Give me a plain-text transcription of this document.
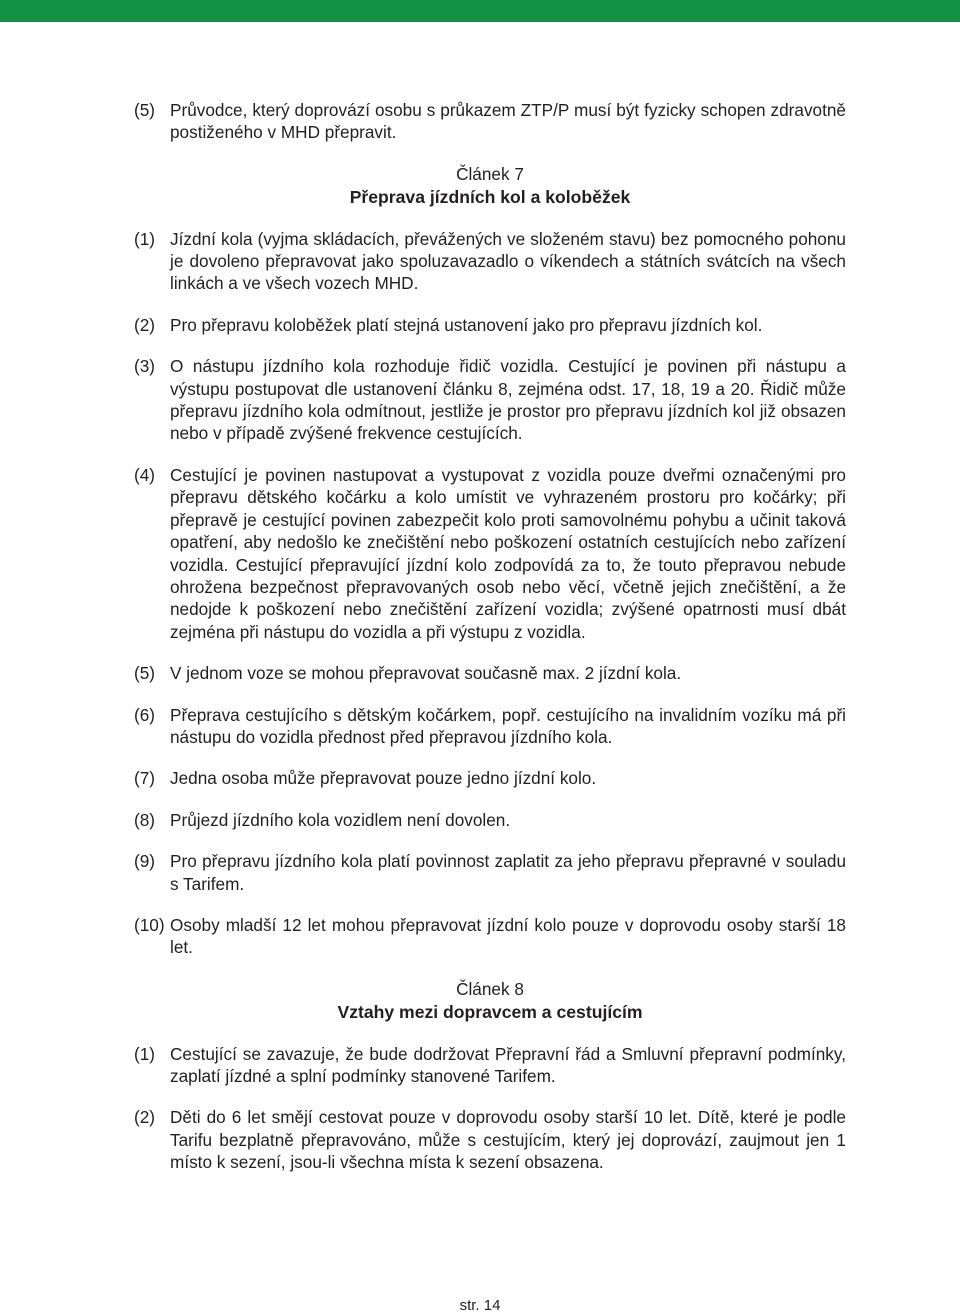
(5) Průvodce, který doprovází osobu s průkazem ZTP/P musí být fyzicky schopen zdravotně postiženého v MHD přepravit.
Článek 7
Přeprava jízdních kol a koloběžek
(1) Jízdní kola (vyjma skládacích, převážených ve složeném stavu) bez pomocného pohonu je dovoleno přepravovat jako spoluzavazadlo o víkendech a státních svátcích na všech linkách a ve všech vozech MHD.
(2) Pro přepravu koloběžek platí stejná ustanovení jako pro přepravu jízdních kol.
(3) O nástupu jízdního kola rozhoduje řidič vozidla. Cestující je povinen při nástupu a výstupu postupovat dle ustanovení článku 8, zejména odst. 17, 18, 19 a 20. Řidič může přepravu jízdního kola odmítnout, jestliže je prostor pro přepravu jízdních kol již obsazen nebo v případě zvýšené frekvence cestujících.
(4) Cestující je povinen nastupovat a vystupovat z vozidla pouze dveřmi označenými pro přepravu dětského kočárku a kolo umístit ve vyhrazeném prostoru pro kočárky; při přepravě je cestující povinen zabezpečit kolo proti samovolnému pohybu a učinit taková opatření, aby nedošlo ke znečištění nebo poškození ostatních cestujících nebo zařízení vozidla. Cestující přepravující jízdní kolo zodpovídá za to, že touto přepravou nebude ohrožena bezpečnost přepravovaných osob nebo věcí, včetně jejich znečištění, a že nedojde k poškození nebo znečištění zařízení vozidla; zvýšené opatrnosti musí dbát zejména při nástupu do vozidla a při výstupu z vozidla.
(5) V jednom voze se mohou přepravovat současně max. 2 jízdní kola.
(6) Přeprava cestujícího s dětským kočárkem, popř. cestujícího na invalidním vozíku má při nástupu do vozidla přednost před přepravou jízdního kola.
(7) Jedna osoba může přepravovat pouze jedno jízdní kolo.
(8) Průjezd jízdního kola vozidlem není dovolen.
(9) Pro přepravu jízdního kola platí povinnost zaplatit za jeho přepravu přepravné v souladu s Tarifem.
(10) Osoby mladší 12 let mohou přepravovat jízdní kolo pouze v doprovodu osoby starší 18 let.
Článek 8
Vztahy mezi dopravcem a cestujícím
(1) Cestující se zavazuje, že bude dodržovat Přepravní řád a Smluvní přepravní podmínky, zaplatí jízdné a splní podmínky stanovené Tarifem.
(2) Děti do 6 let smějí cestovat pouze v doprovodu osoby starší 10 let. Dítě, které je podle Tarifu bezplatně přepravováno, může s cestujícím, který jej doprovází, zaujmout jen 1 místo k sezení, jsou-li všechna místa k sezení obsazena.
str. 14
